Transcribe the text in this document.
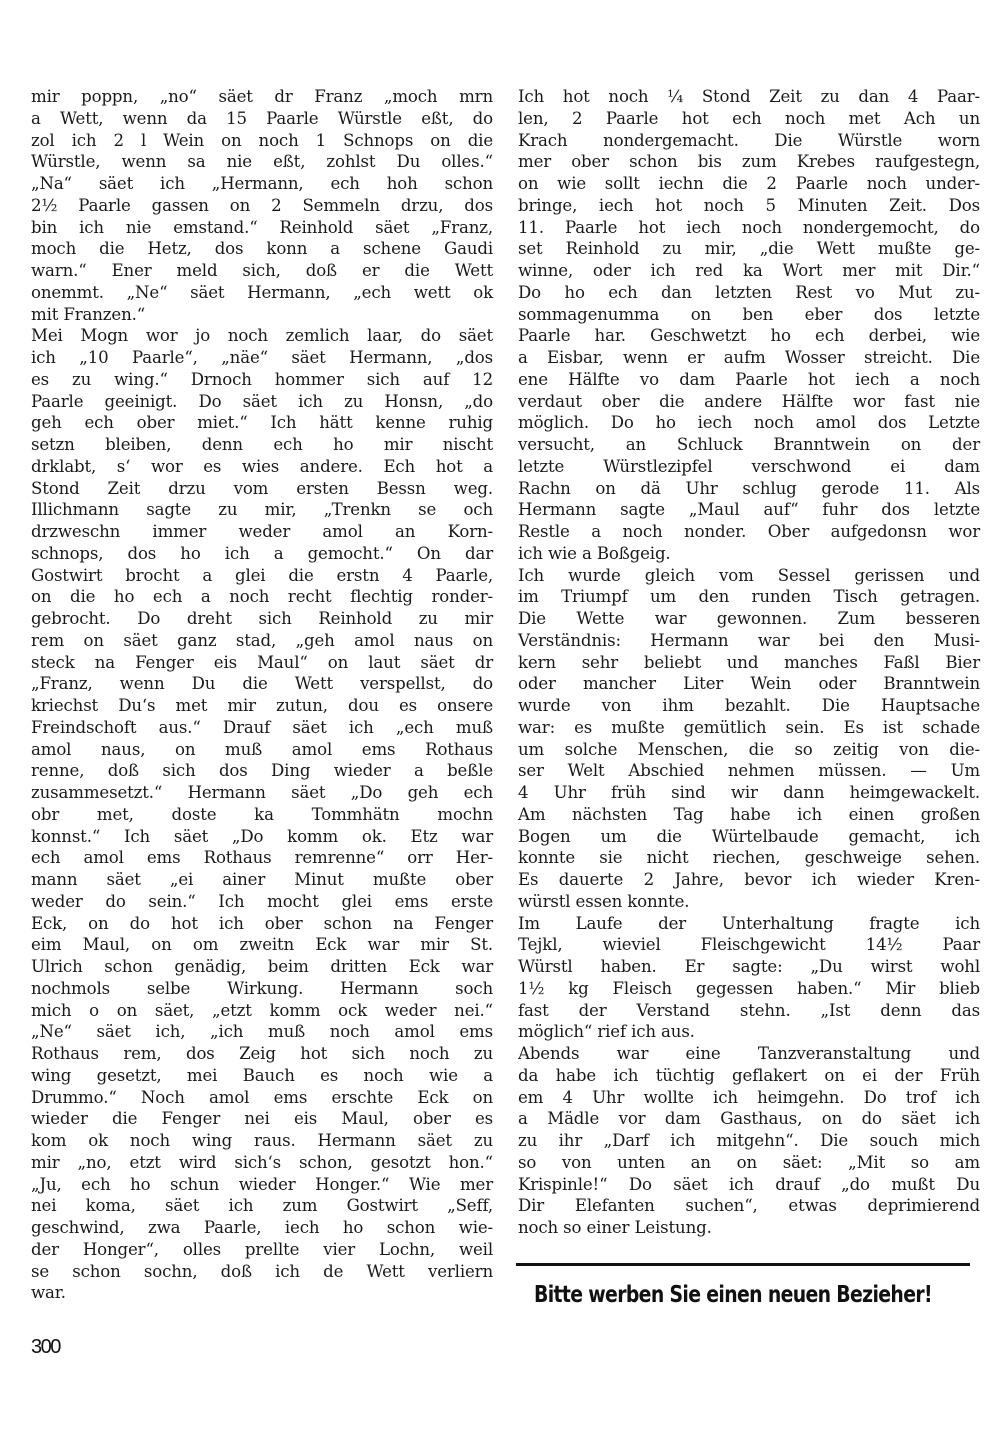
mir poppn, „no“ säet dr Franz „moch mrn
a Wett, wenn da 15 Paarle Würstle eßt, do
zol ich 2 l Wein on noch 1 Schnops on die
Würstle, wenn sa nie eßt, zohlst Du olles.“
„Na“ säet ich „Hermann, ech hoh schon
2½ Paarle gassen on 2 Semmeln drzu, dos
bin ich nie emstand.“ Reinhold säet „Franz,
moch die Hetz, dos konn a schene Gaudi
warn.“ Ener meld sich, doß er die Wett
onemmt. „Ne“ säet Hermann, „ech wett ok
mit Franzen.“
Mei Mogn wor jo noch zemlich laar, do säet
ich „10 Paarle“, „näe“ säet Hermann, „dos
es zu wing.“ Drnoch hommer sich auf 12
Paarle geeinigt. Do säet ich zu Honsn, „do
geh ech ober miet.“ Ich hätt kenne ruhig
setzn bleiben, denn ech ho mir nischt
drklabt, s‘ wor es wies andere. Ech hot a
Stond Zeit drzu vom ersten Bessn weg.
Illichmann sagte zu mir, „Trenkn se och
drzweschn immer weder amol an Korn-
schnops, dos ho ich a gemocht.“ On dar
Gostwirt brocht a glei die erstn 4 Paarle,
on die ho ech a noch recht flechtig ronder-
gebrocht. Do dreht sich Reinhold zu mir
rem on säet ganz stad, „geh amol naus on
steck na Fenger eis Maul“ on laut säet dr
„Franz, wenn Du die Wett verspellst, do
kriechst Du‘s met mir zutun, dou es onsere
Freindschoft aus.“ Drauf säet ich „ech muß
amol naus, on muß amol ems Rothaus
renne, doß sich dos Ding wieder a beßle
zusammesetzt.“ Hermann säet „Do geh ech
obr met, doste ka Tommhätn mochn
konnst.“ Ich säet „Do komm ok. Etz war
ech amol ems Rothaus remrenne“ orr Her-
mann säet „ei ainer Minut mußte ober
weder do sein.“ Ich mocht glei ems erste
Eck, on do hot ich ober schon na Fenger
eim Maul, on om zweitn Eck war mir St.
Ulrich schon genädig, beim dritten Eck war
nochmols selbe Wirkung. Hermann soch
mich o on säet, „etzt komm ock weder nei.“
„Ne“ säet ich, „ich muß noch amol ems
Rothaus rem, dos Zeig hot sich noch zu
wing gesetzt, mei Bauch es noch wie a
Drummo.“ Noch amol ems erschte Eck on
wieder die Fenger nei eis Maul, ober es
kom ok noch wing raus. Hermann säet zu
mir „no, etzt wird sich‘s schon, gesotzt hon.“
„Ju, ech ho schun wieder Honger.“ Wie mer
nei koma, säet ich zum Gostwirt „Seff,
geschwind, zwa Paarle, iech ho schon wie-
der Honger“, olles prellte vier Lochn, weil
se schon sochn, doß ich de Wett verliern
war.
Ich hot noch ¼ Stond Zeit zu dan 4 Paar-
len, 2 Paarle hot ech noch met Ach un
Krach nondergemacht. Die Würstle worn
mer ober schon bis zum Krebes raufgestegn,
on wie sollt iechn die 2 Paarle noch under-
bringe, iech hot noch 5 Minuten Zeit. Dos
11. Paarle hot iech noch nondergemocht, do
set Reinhold zu mir, „die Wett mußte ge-
winne, oder ich red ka Wort mer mit Dir.“
Do ho ech dan letzten Rest vo Mut zu-
sommagenumma on ben eber dos letzte
Paarle har. Geschwetzt ho ech derbei, wie
a Eisbar, wenn er aufm Wosser streicht. Die
ene Hälfte vo dam Paarle hot iech a noch
verdaut ober die andere Hälfte wor fast nie
möglich. Do ho iech noch amol dos Letzte
versucht, an Schluck Branntwein on der
letzte Würstlezipfel verschwond ei dam
Rachn on dä Uhr schlug gerode 11. Als
Hermann sagte „Maul auf“ fuhr dos letzte
Restle a noch nonder. Ober aufgedonsn wor
ich wie a Boßgeig.
Ich wurde gleich vom Sessel gerissen und
im Triumpf um den runden Tisch getragen.
Die Wette war gewonnen. Zum besseren
Verständnis: Hermann war bei den Musi-
kern sehr beliebt und manches Faßl Bier
oder mancher Liter Wein oder Branntwein
wurde von ihm bezahlt. Die Hauptsache
war: es mußte gemütlich sein. Es ist schade
um solche Menschen, die so zeitig von die-
ser Welt Abschied nehmen müssen. — Um
4 Uhr früh sind wir dann heimgewackelt.
Am nächsten Tag habe ich einen großen
Bogen um die Würtelbaude gemacht, ich
konnte sie nicht riechen, geschweige sehen.
Es dauerte 2 Jahre, bevor ich wieder Kren-
würstl essen konnte.
Im Laufe der Unterhaltung fragte ich
Tejkl, wieviel Fleischgewicht 14½ Paar
Würstl haben. Er sagte: „Du wirst wohl
1½ kg Fleisch gegessen haben.“ Mir blieb
fast der Verstand stehn. „Ist denn das
möglich“ rief ich aus.
Abends war eine Tanzveranstaltung und
da habe ich tüchtig geflakert on ei der Früh
em 4 Uhr wollte ich heimgehn. Do trof ich
a Mädle vor dam Gasthaus, on do säet ich
zu ihr „Darf ich mitgehn“. Die souch mich
so von unten an on säet: „Mit so am
Krispinle!“ Do säet ich drauf „do mußt Du
Dir Elefanten suchen“, etwas deprimierend
noch so einer Leistung.
300
Bitte werben Sie einen neuen Bezieher!
